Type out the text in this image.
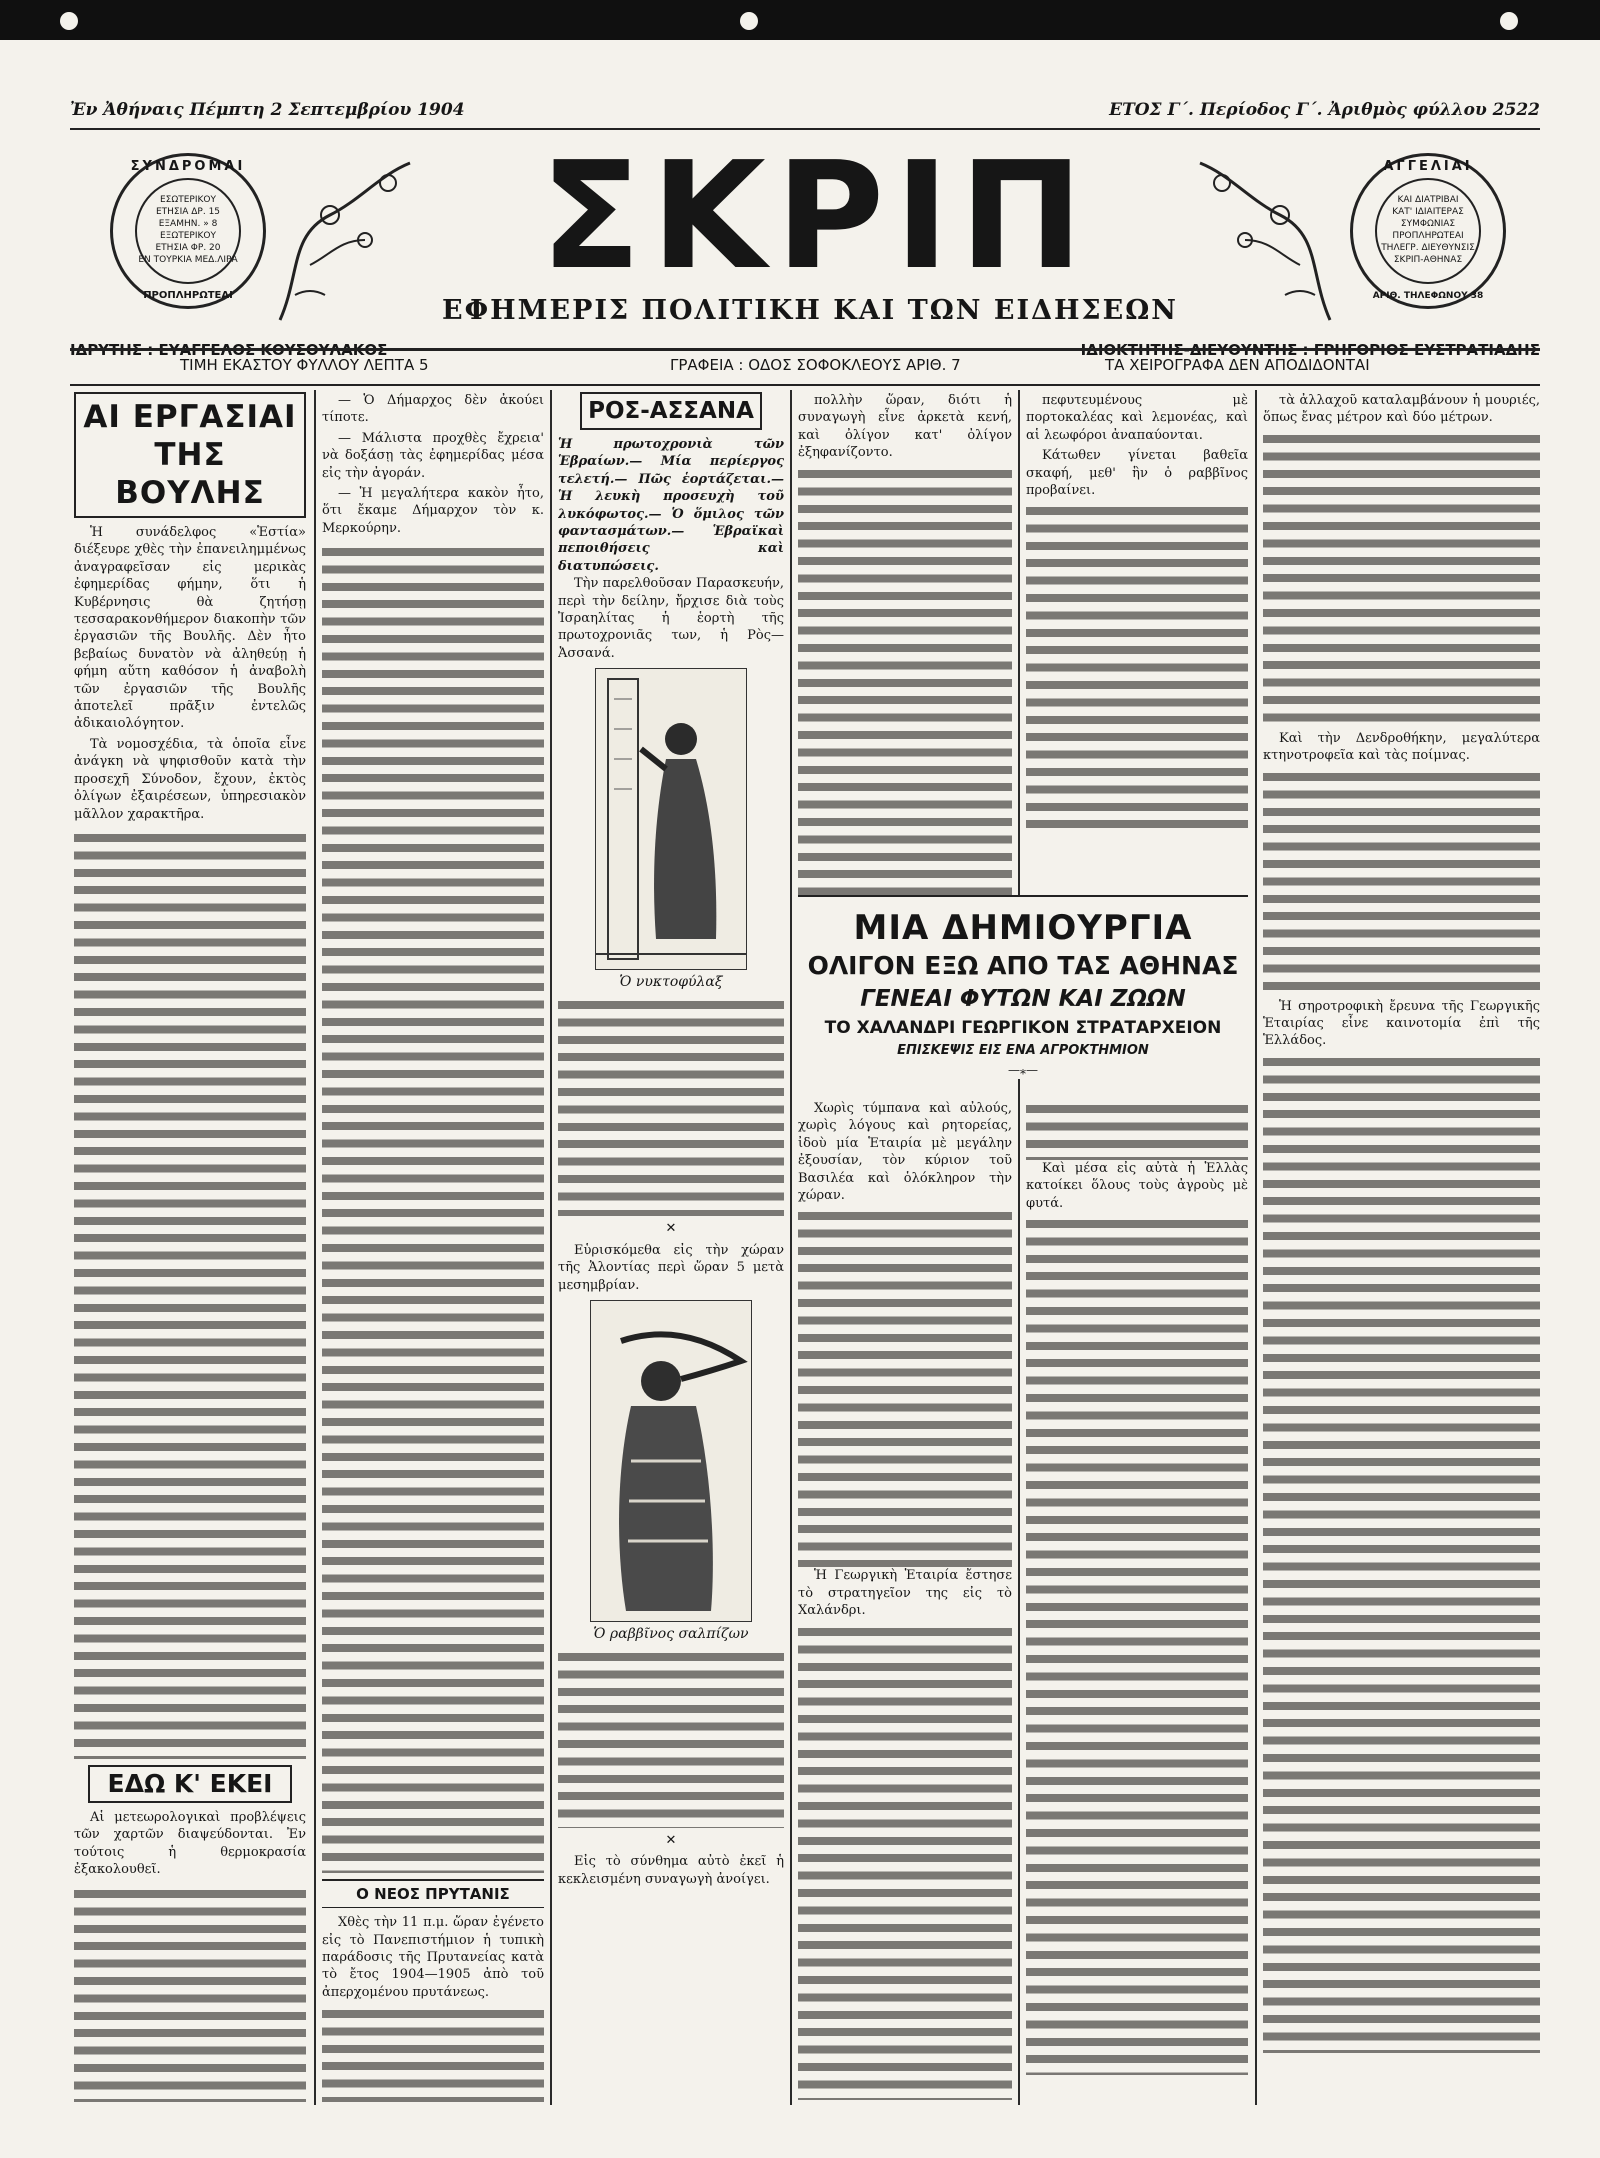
Ἐν Ἀθήναις Πέμπτη 2 Σεπτεμβρίου 1904	ΕΤΟΣ Γ΄. Περίοδος Γ΄. Ἀριθμὸς φύλλου 2522
ΣΥΝΔΡΟΜΑΙ
ΕΣΩΤΕΡΙΚΟΥ
ΕΤΗΣΙΑ ΔΡ. 15
ΕΞΑΜΗΝ. » 8
ΕΞΩΤΕΡΙΚΟΥ
ΕΤΗΣΙΑ ΦΡ. 20
ΕΝ ΤΟΥΡΚΙΑ ΜΕΔ.ΛΙΡΑ
ΠΡΟΠΛΗΡΩΤΕΑΙ ΣΚΡΙΠ
ΕΦΗΜΕΡΙΣ ΠΟΛΙΤΙΚΗ ΚΑΙ ΤΩΝ ΕΙΔΗΣΕΩΝ
ΑΓΓΕΛΙΑΙ
ΚΑΙ ΔΙΑΤΡΙΒΑΙ
ΚΑΤ' ΙΔΙΑΙΤΕΡΑΣ
ΣΥΜΦΩΝΙΑΣ
ΠΡΟΠΛΗΡΩΤΕΑΙ
ΤΗΛΕΓΡ. ΔΙΕΥΘΥΝΣΙΣ
ΣΚΡΙΠ-ΑΘΗΝΑΣ
ΑΡΙΘ. ΤΗΛΕΦΩΝΟΥ 38
ΤΙΜΗ ΕΚΑΣΤΟΥ ΦΥΛΛΟΥ ΛΕΠΤΑ 5	ΓΡΑΦΕΙΑ : ΟΔΟΣ ΣΟΦΟΚΛΕΟΥΣ ΑΡΙΘ. 7	ΤΑ ΧΕΙΡΟΓΡΑΦΑ ΔΕΝ ΑΠΟΔΙΔΟΝΤΑΙ

ΑΙ ΕΡΓΑΣΙΑΙ

ΤΗΣ ΒΟΥΛΗΣ

Ἡ συνάδελφος «Ἑστία» διέξευρε χθὲς τὴν ἐπανειλημμένως ἀναγραφεῖσαν εἰς μερικὰς ἐφημερίδας φήμην, ὅτι ἡ Κυβέρνησις θὰ ζητήσῃ τεσσαρακονθήμερον διακοπὴν τῶν ἐργασιῶν τῆς Βουλῆς. Δὲν ἦτο βεβαίως δυνατὸν νὰ ἀληθεύῃ ἡ φήμη αὕτη καθόσον ἡ ἀναβολὴ τῶν ἐργασιῶν τῆς Βουλῆς ἀποτελεῖ πρᾶξιν ἐντελῶς ἀδικαιολόγητον.

Τὰ νομοσχέδια, τὰ ὁποῖα εἶνε ἀνάγκη νὰ ψηφισθοῦν κατὰ τὴν προσεχῆ Σύνοδον, ἔχουν, ἐκτὸς ὀλίγων ἐξαιρέσεων, ὑπηρεσιακὸν μᾶλλον χαρακτῆρα.

ΕΔΩ Κ' ΕΚΕΙ

Αἱ μετεωρολογικαὶ προβλέψεις τῶν χαρτῶν διαψεύδονται. Ἐν τούτοις ἡ θερμοκρασία ἐξακολουθεῖ.

— Ὁ Δήμαρχος δὲν ἀκούει τίποτε.

— Μάλιστα προχθὲς ἔχρεια' νὰ δοξάσῃ τὰς ἐφημερίδας μέσα εἰς τὴν ἀγοράν.

— Ἡ μεγαλήτερα κακὸν ἦτο, ὅτι ἔκαμε Δήμαρχον τὸν κ. Μερκούρην.

Ο ΝΕΟΣ ΠΡΥΤΑΝΙΣ

Χθὲς τὴν 11 π.μ. ὥραν ἐγένετο εἰς τὸ Πανεπιστήμιον ἡ τυπικὴ παράδοσις τῆς Πρυτανείας κατὰ τὸ ἔτος 1904—1905 ἀπὸ τοῦ ἀπερχομένου πρυτάνεως.

ΡΟΣ-ΑΣΣΑΝΑ

Ἡ πρωτοχρονιὰ τῶν Ἑβραίων.— Μία περίεργος τελετή.— Πῶς ἑορτάζεται.— Ἡ λευκὴ προσευχὴ τοῦ λυκόφωτος.— Ὁ ὅμιλος τῶν φαντασμάτων.— Ἑβραϊκαὶ πεποιθήσεις καὶ διατυπώσεις.

Τὴν παρελθοῦσαν Παρασκευήν, περὶ τὴν δείλην, ἤρχισε διὰ τοὺς Ἰσραηλίτας ἡ ἑορτὴ τῆς πρωτοχρονιᾶς των, ἡ Ρὸς—Ἀσσανά.

Ὁ νυκτοφύλαξ

✕

Εὑρισκόμεθα εἰς τὴν χώραν τῆς Ἀλοντίας περὶ ὥραν 5 μετὰ μεσημβρίαν.

Ὁ ραββῖνος σαλπίζων

✕

Εἰς τὸ σύνθημα αὐτὸ ἐκεῖ ἡ κεκλεισμένη συναγωγὴ ἀνοίγει.

πολλὴν ὥραν, διότι ἡ συναγωγὴ εἶνε ἀρκετὰ κενή, καὶ ὀλίγον κατ' ὀλίγον ἐξηφανίζοντο.

πεφυτευμένους μὲ πορτοκαλέας καὶ λεμονέας, καὶ αἱ λεωφόροι ἀναπαύονται.

Κάτωθεν γίνεται βαθεῖα σκαφή, μεθ' ἣν ὁ ραββῖνος προβαίνει.

ΜΙΑ ΔΗΜΙΟΥΡΓΙΑ

ΟΛΙΓΟΝ ΕΞΩ ΑΠΟ ΤΑΣ ΑΘΗΝΑΣ

ΓΕΝΕΑΙ ΦΥΤΩΝ ΚΑΙ ΖΩΩΝ

ΤΟ ΧΑΛΑΝΔΡΙ ΓΕΩΡΓΙΚΟΝ ΣΤΡΑΤΑΡΧΕΙΟΝ

ΕΠΙΣΚΕΨΙΣ ΕΙΣ ΕΝΑ ΑΓΡΟΚΤΗΜΙΟΝ

—⁎—

Χωρὶς τύμπανα καὶ αὐλούς, χωρὶς λόγους καὶ ρητορείας, ἰδοὺ μία Ἑταιρία μὲ μεγάλην ἐξουσίαν, τὸν κύριον τοῦ Βασιλέα καὶ ὁλόκληρον τὴν χώραν.

Ἡ Γεωργικὴ Ἑταιρία ἔστησε τὸ στρατηγεῖον της εἰς τὸ Χαλάνδρι.

Καὶ μέσα εἰς αὐτὰ ἡ Ἑλλὰς κατοίκει ὅλους τοὺς ἀγροὺς μὲ φυτά.

τὰ ἀλλαχοῦ καταλαμβάνουν ἡ μουριές, ὅπως ἔνας μέτρον καὶ δύο μέτρων.

Καὶ τὴν Δενδροθήκην, μεγαλύτερα κτηνοτροφεῖα καὶ τὰς ποίμνας.

Ἡ σηροτροφικὴ ἔρευνα τῆς Γεωργικῆς Ἑταιρίας εἶνε καινοτομία ἐπὶ τῆς Ἑλλάδος.
